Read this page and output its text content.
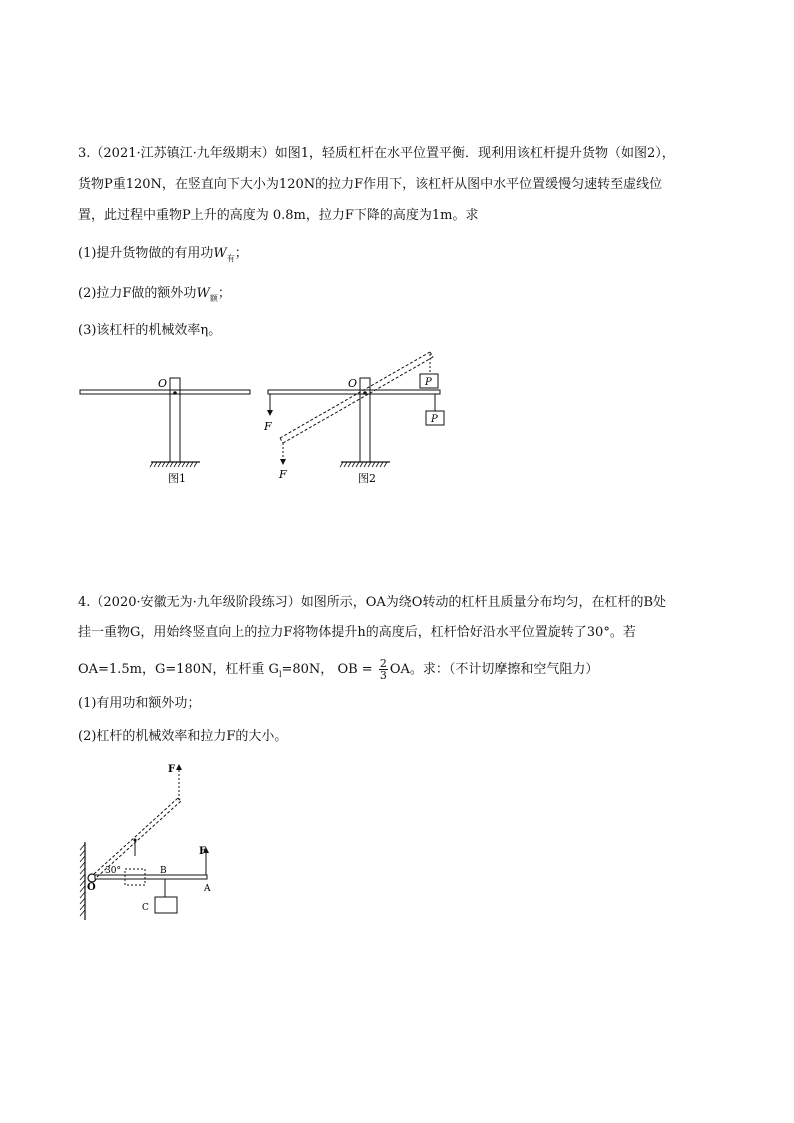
3.（2021·江苏镇江·九年级期末）如图1，轻质杠杆在水平位置平衡．现利用该杠杆提升货物（如图2），
货物P重120N，在竖直向下大小为120N的拉力F作用下，该杠杆从图中水平位置缓慢匀速转至虚线位
置，此过程中重物P上升的高度为 0.8m，拉力F下降的高度为1m。求
(1)提升货物做的有用功$W_有$；
(2)拉力F做的额外功$W_额$；
(3)该杠杆的机械效率η。
O
图1
F
F
P
P
O
图2
4.（2020·安徽无为·九年级阶段练习）如图所示，OA为绕O转动的杠杆且质量分布均匀，在杠杆的B处
挂一重物G，用始终竖直向上的拉力F将物体提升h的高度后，杠杆恰好沿水平位置旋转了30°。若
OA=1.5m，G=180N，杠杆重 $G_l=80N$， OB = $\frac{2}{3}$ OA。求：（不计切摩擦和空气阻力）
(1)有用功和额外功；
(2)杠杆的机械效率和拉力F的大小。
F
F
30°
O
B
A
C
